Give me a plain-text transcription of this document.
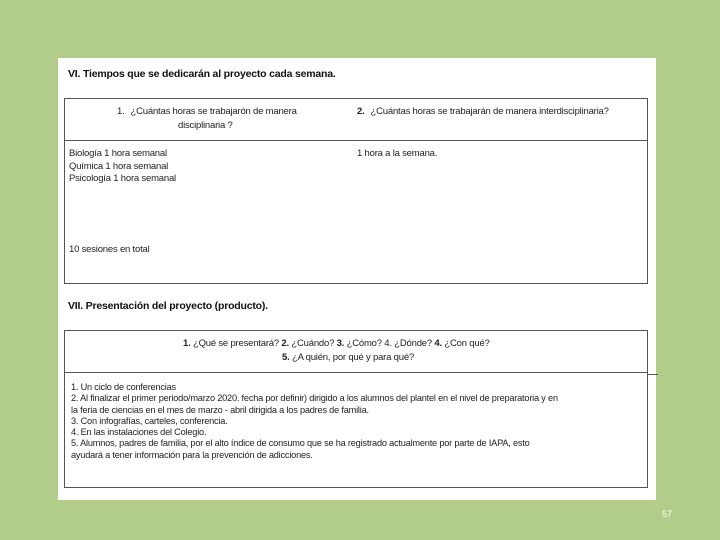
VI. Tiempos que se dedicarán al proyecto cada semana.
1. ¿Cuántas horas se trabajarón de manera
disciplinaria ?
2. ¿Cuántas horas se trabajarán de manera interdisciplinaria?
Biología 1 hora semanal
Química 1 hora semanal
Psicología 1 hora semanal
10 sesiones en total
1 hora a la semana.
VII. Presentación del proyecto (producto).
1. ¿Qué se presentará? 2. ¿Cuándo? 3. ¿Cómo? 4. ¿Dónde? 4. ¿Con qué?
5. ¿A quién, por qué y para qué?
1. Un ciclo de conferencias
2. Al finalizar el primer periodo/marzo 2020. fecha por definir) dirigido a los alumnos del plantel en el nivel de preparatoria y en
la feria de ciencias en el mes de marzo - abril dirigida a los padres de familia.
3. Con infografías, carteles, conferencia.
4. En las instalaciones del Colegio.
5. Alumnos, padres de familia, por el alto índice de consumo que se ha registrado actualmente por parte de IAPA, esto
ayudará a tener información para la prevención de adicciones.
57
